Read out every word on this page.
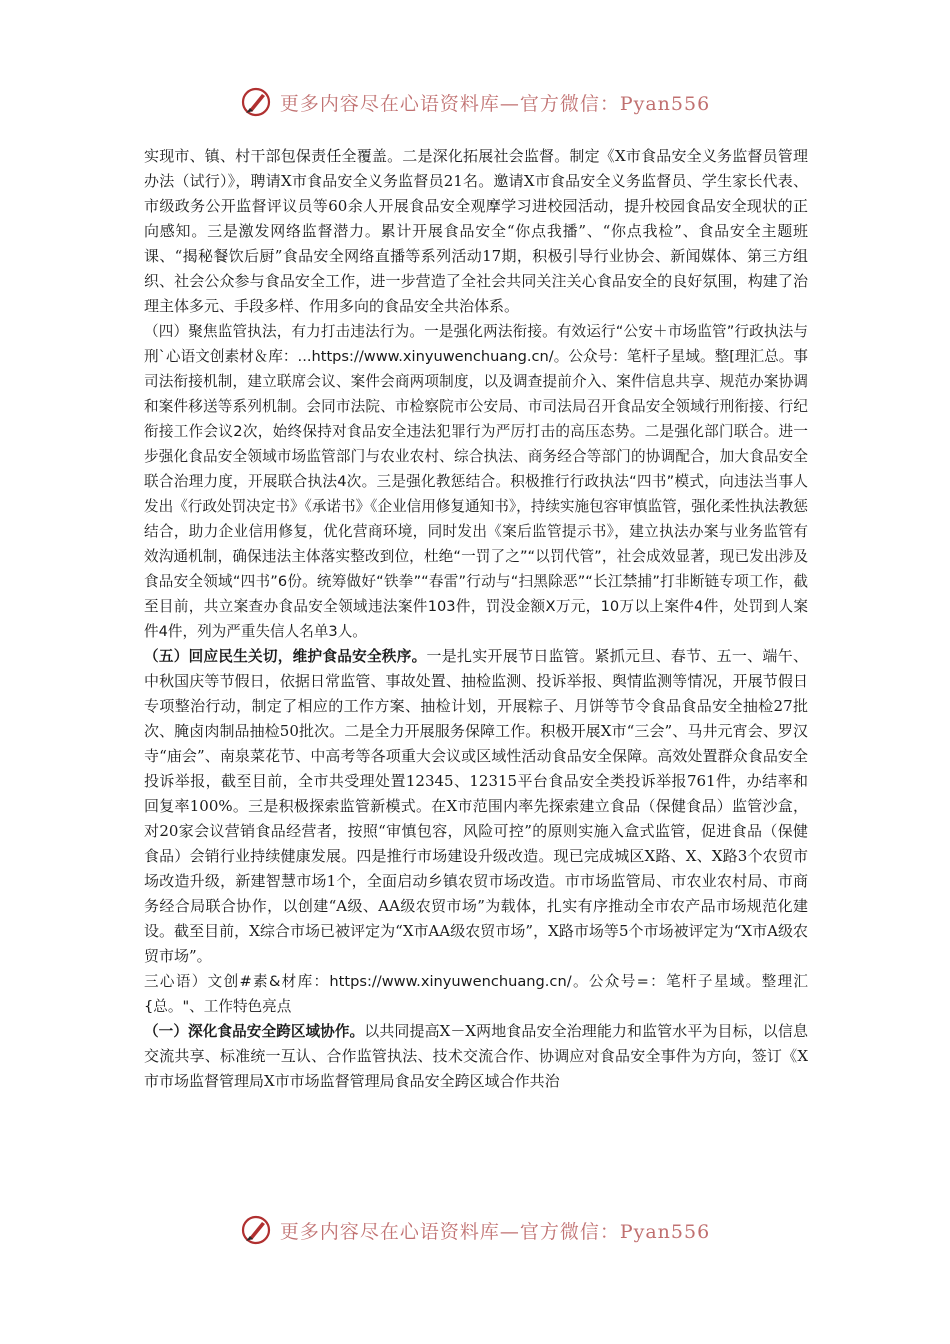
更多内容尽在心语资料库—官方微信：Pyan556

实现市、镇、村干部包保责任全覆盖。二是深化拓展社会监督。制定《X市食品安全义务监督员管理办法（试行）》，聘请X市食品安全义务监督员21名。邀请X市食品安全义务监督员、学生家长代表、市级政务公开监督评议员等60余人开展食品安全观摩学习进校园活动，提升校园食品安全现状的正向感知。三是激发网络监督潜力。累计开展食品安全“你点我播”、“你点我检”、食品安全主题班课、“揭秘餐饮后厨”食品安全网络直播等系列活动17期，积极引导行业协会、新闻媒体、第三方组织、社会公众参与食品安全工作，进一步营造了全社会共同关注关心食品安全的良好氛围，构建了治理主体多元、手段多样、作用多向的食品安全共治体系。

（四）聚焦监管执法，有力打击违法行为。一是强化两法衔接。有效运行“公安＋市场监管”行政执法与刑`心语文创素材＆库：...https://www.xinyuwenchuang.cn/。公众号：笔杆子星域。整[理汇总。事司法衔接机制，建立联席会议、案件会商两项制度，以及调查提前介入、案件信息共享、规范办案协调和案件移送等系列机制。会同市法院、市检察院市公安局、市司法局召开食品安全领域行刑衔接、行纪衔接工作会议2次，始终保持对食品安全违法犯罪行为严厉打击的高压态势。二是强化部门联合。进一步强化食品安全领域市场监管部门与农业农村、综合执法、商务经合等部门的协调配合，加大食品安全联合治理力度，开展联合执法4次。三是强化教惩结合。积极推行行政执法“四书”模式，向违法当事人发出《行政处罚决定书》《承诺书》《企业信用修复通知书》，持续实施包容审慎监管，强化柔性执法教惩结合，助力企业信用修复，优化营商环境，同时发出《案后监管提示书》，建立执法办案与业务监管有效沟通机制，确保违法主体落实整改到位，杜绝“一罚了之”“以罚代管”，社会成效显著，现已发出涉及食品安全领域“四书”6份。统筹做好“铁拳”“春雷”行动与“扫黑除恶”“长江禁捕”打非断链专项工作，截至目前，共立案查办食品安全领域违法案件103件，罚没金额X万元，10万以上案件4件，处罚到人案件4件，列为严重失信人名单3人。

（五）回应民生关切，维护食品安全秩序。一是扎实开展节日监管。紧抓元旦、春节、五一、端午、中秋国庆等节假日，依据日常监管、事故处置、抽检监测、投诉举报、舆情监测等情况，开展节假日专项整治行动，制定了相应的工作方案、抽检计划，开展粽子、月饼等节令食品食品安全抽检27批次、腌卤肉制品抽检50批次。二是全力开展服务保障工作。积极开展X市“三会”、马井元宵会、罗汉寺“庙会”、南泉菜花节、中高考等各项重大会议或区域性活动食品安全保障。高效处置群众食品安全投诉举报，截至目前，全市共受理处置12345、12315平台食品安全类投诉举报761件，办结率和回复率100%。三是积极探索监管新模式。在X市范围内率先探索建立食品（保健食品）监管沙盒，对20家会议营销食品经营者，按照“审慎包容，风险可控”的原则实施入盒式监管，促进食品（保健食品）会销行业持续健康发展。四是推行市场建设升级改造。现已完成城区X路、X、X路3个农贸市场改造升级，新建智慧市场1个，全面启动乡镇农贸市场改造。市市场监管局、市农业农村局、市商务经合局联合协作，以创建“A级、AA级农贸市场”为载体，扎实有序推动全市农产品市场规范化建设。截至目前，X综合市场已被评定为“X市AA级农贸市场”，X路市场等5个市场被评定为“X市A级农贸市场”。

三心语）文创#素&材库：https://www.xinyuwenchuang.cn/。公众号=：笔杆子星域。整理汇{总。"、工作特色亮点

（一）深化食品安全跨区域协作。以共同提高X－X两地食品安全治理能力和监管水平为目标，以信息交流共享、标准统一互认、合作监管执法、技术交流合作、协调应对食品安全事件为方向，签订《X市市场监督管理局X市市场监督管理局食品安全跨区域合作共治

更多内容尽在心语资料库—官方微信：Pyan556
